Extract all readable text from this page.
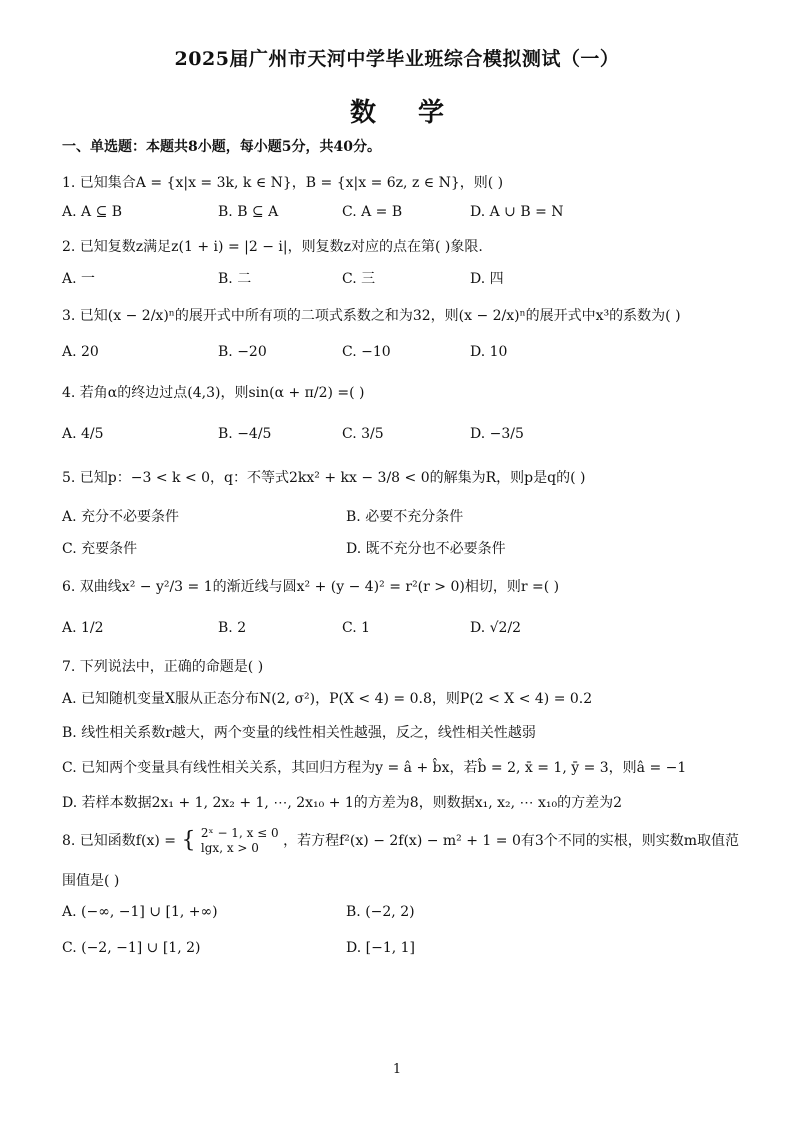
2025届广州市天河中学毕业班综合模拟测试（一）
数学
一、单选题：本题共8小题，每小题5分，共40分。
1. 已知集合A = {x|x = 3k, k ∈ N}，B = {x|x = 6z, z ∈ N}，则( )
A. A ⊆ B	B. B ⊆ A	C. A = B	D. A ∪ B = N
2. 已知复数z满足z(1 + i) = |2 − i|，则复数z对应的点在第( )象限.
A. 一	B. 二	C. 三	D. 四
3. 已知(x − 2/x)ⁿ的展开式中所有项的二项式系数之和为32，则(x − 2/x)ⁿ的展开式中x³的系数为( )
A. 20	B. −20	C. −10	D. 10
4. 若角α的终边过点(4,3)，则sin(α + π/2) =( )
A. 4/5	B. −4/5	C. 3/5	D. −3/5
5. 已知p：−3 < k < 0，q：不等式2kx² + kx − 3/8 < 0的解集为R，则p是q的( )
A. 充分不必要条件	B. 必要不充分条件
C. 充要条件	D. 既不充分也不必要条件
6. 双曲线x² − y²/3 = 1的渐近线与圆x² + (y − 4)² = r²(r > 0)相切，则r =( )
A. 1/2	B. 2	C. 1	D. √2/2
7. 下列说法中，正确的命题是( )
A. 已知随机变量X服从正态分布N(2, σ²)，P(X < 4) = 0.8，则P(2 < X < 4) = 0.2
B. 线性相关系数r越大，两个变量的线性相关性越强，反之，线性相关性越弱
C. 已知两个变量具有线性相关关系，其回归方程为y = â + b̂x，若b̂ = 2, x̄ = 1, ȳ = 3，则â = −1
D. 若样本数据2x₁ + 1, 2x₂ + 1, ⋯, 2x₁₀ + 1的方差为8，则数据x₁, x₂, ⋯ x₁₀的方差为2
8. 已知函数f(x) = { 2ˣ − 1, x ≤ 0
lgx, x > 0	，若方程f²(x) − 2f(x) − m² + 1 = 0有3个不同的实根，则实数m取值范
围值是( )
A. (−∞, −1] ∪ [1, +∞)	B. (−2, 2)
C. (−2, −1] ∪ [1, 2)	D. [−1, 1]
1
